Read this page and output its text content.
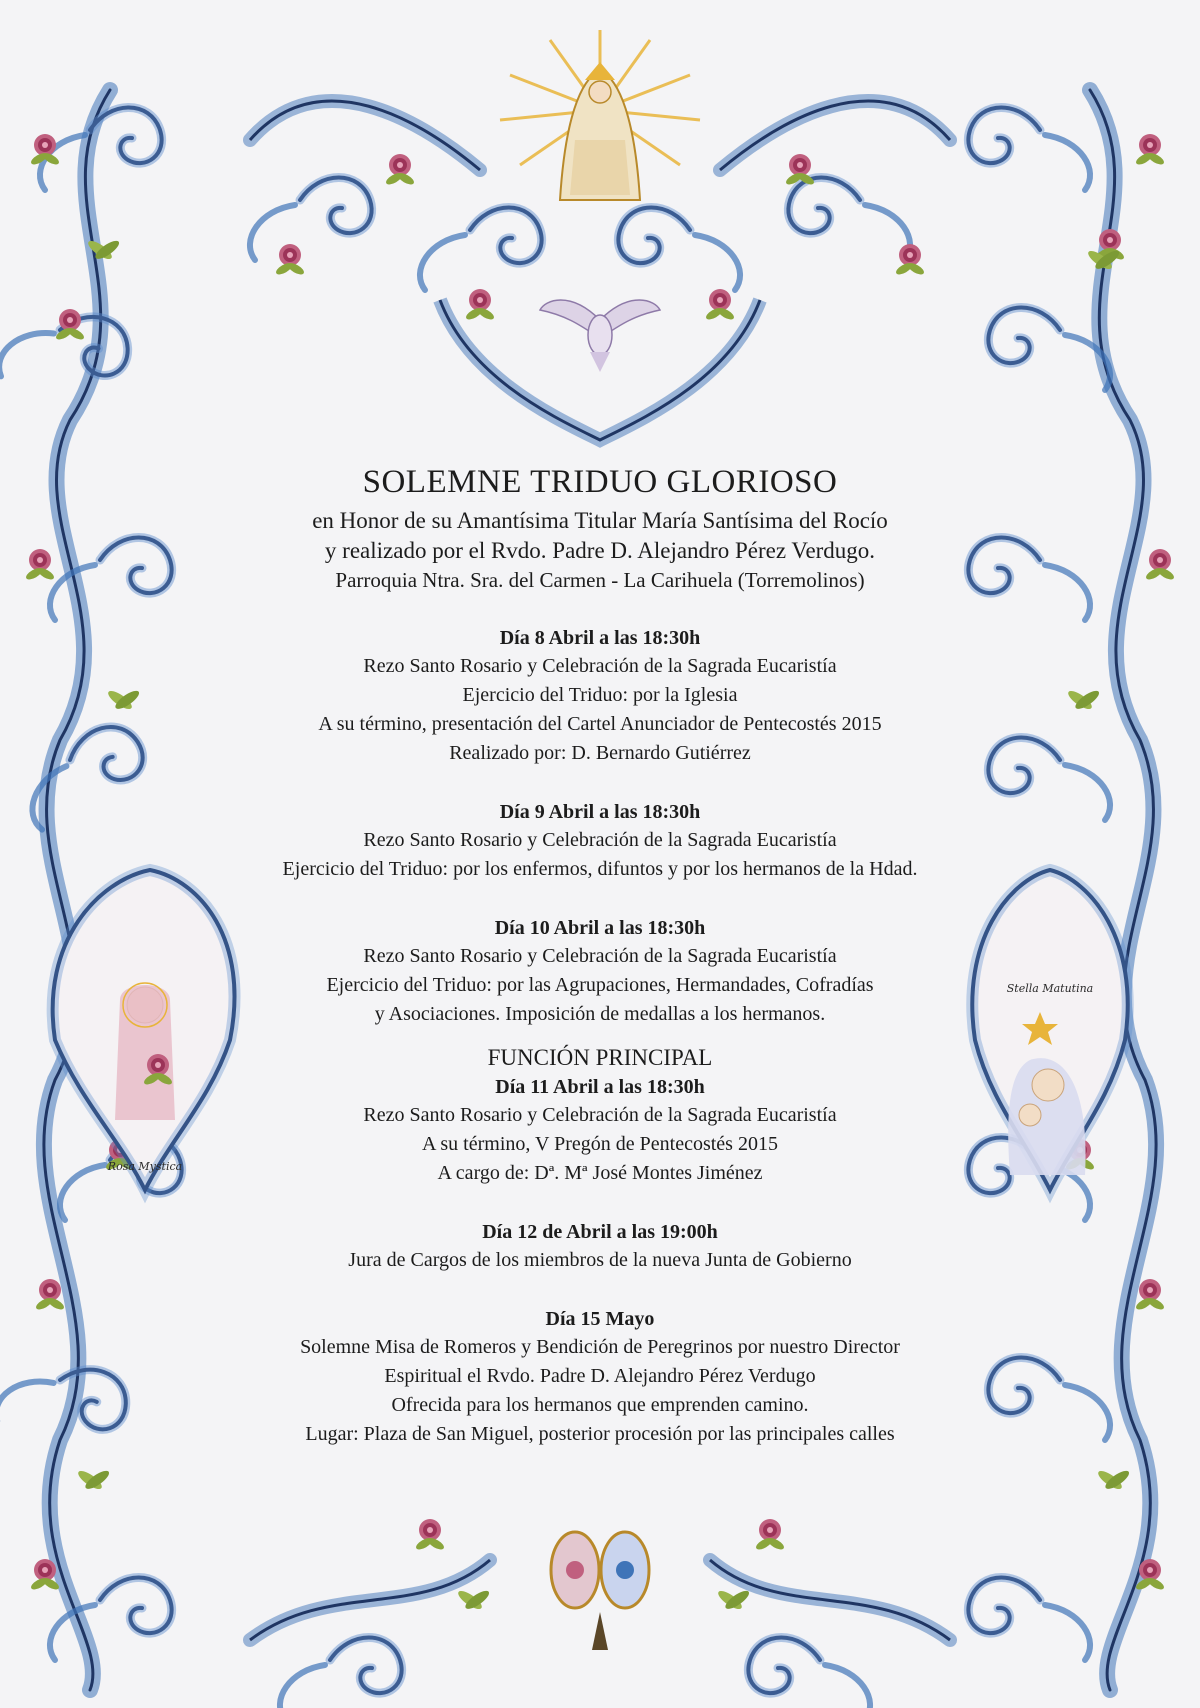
Rosa Mystica
Stella Matutina
SOLEMNE TRIDUO GLORIOSO
en Honor de su Amantísima Titular María Santísima del Rocío
y realizado por el Rvdo. Padre D. Alejandro Pérez Verdugo.
Parroquia Ntra. Sra. del Carmen - La Carihuela (Torremolinos)
Día 8 Abril a las 18:30h
Rezo Santo Rosario y Celebración de la Sagrada Eucaristía
Ejercicio del Triduo: por la Iglesia
A su término, presentación del Cartel Anunciador de Pentecostés 2015
Realizado por: D. Bernardo Gutiérrez
Día 9 Abril a las 18:30h
Rezo Santo Rosario y Celebración de la Sagrada Eucaristía
Ejercicio del Triduo: por los enfermos, difuntos y por los hermanos de la Hdad.
Día 10 Abril a las 18:30h
Rezo Santo Rosario y Celebración de la Sagrada Eucaristía
Ejercicio del Triduo: por las Agrupaciones, Hermandades, Cofradías
y Asociaciones. Imposición de medallas a los hermanos.
FUNCIÓN PRINCIPAL
Día 11 Abril a las 18:30h
Rezo Santo Rosario y Celebración de la Sagrada Eucaristía
A su término, V Pregón de Pentecostés 2015
A cargo de: Dª. Mª José Montes Jiménez
Día 12 de Abril a las 19:00h
Jura de Cargos de los miembros de la nueva Junta de Gobierno
Día 15 Mayo
Solemne Misa de Romeros y Bendición de Peregrinos por nuestro Director
Espiritual el Rvdo. Padre D. Alejandro Pérez Verdugo
Ofrecida para los hermanos que emprenden camino.
Lugar: Plaza de San Miguel, posterior procesión por las principales calles
